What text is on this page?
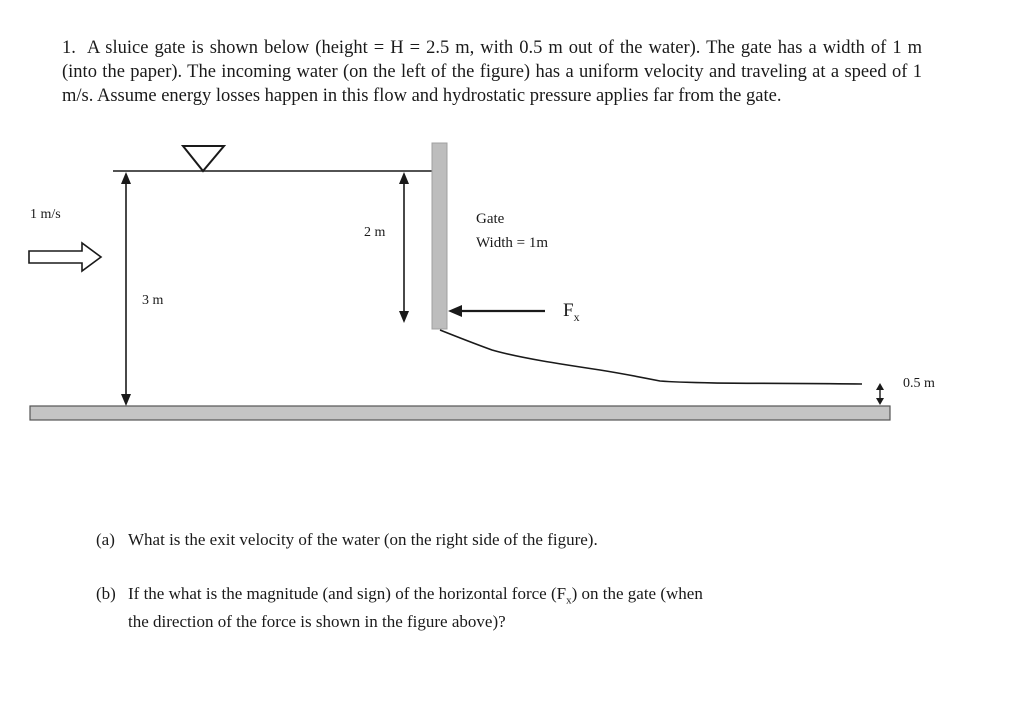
1. A sluice gate is shown below (height = H = 2.5 m, with 0.5 m out of the water). The gate has a width of 1 m (into the paper). The incoming water (on the left of the figure) has a uniform velocity and traveling at a speed of 1 m/s. Assume energy losses happen in this flow and hydrostatic pressure applies far from the gate.

1 m/s
3 m
2 m
Gate
Width = 1m
$F_x$
0.5 m
(a) What is the exit velocity of the water (on the right side of the figure).
(b) If the what is the magnitude (and sign) of the horizontal force $(F_x)$ on the gate (when
the direction of the force is shown in the figure above)?
